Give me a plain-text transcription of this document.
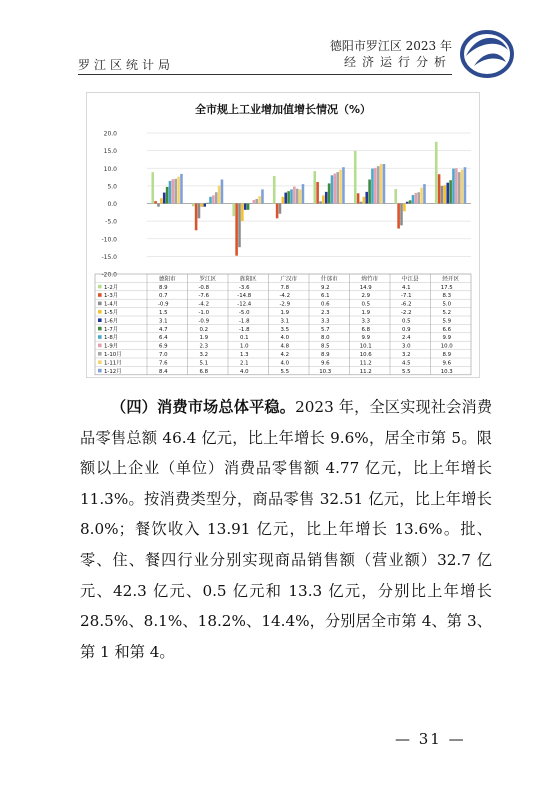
罗江区统计局
德阳市罗江区 2023 年
经济运行分析
全市规上工业增加值增长情况（%）
20.0
15.0
10.0
5.0
0.0
-5.0
-10.0
-15.0
-20.0
德阳市	罗江区	旌阳区	广汉市	什邡市	绵竹市	中江县	经开区
1-2月	8.9	-0.8	-3.6	7.8	9.2	14.9	4.1	17.5
1-3月	0.7	-7.6	-14.8	-4.2	6.1	2.9	-7.1	8.3
1-4月	-0.9	-4.2	-12.4	-2.9	0.6	0.5	-6.2	5.0
1-5月	1.5	-1.0	-5.0	1.9	2.3	1.9	-2.2	5.2
1-6月	3.1	-0.9	-1.8	3.1	3.3	3.3	0.5	5.9
1-7月	4.7	0.2	-1.8	3.5	5.7	6.8	0.9	6.6
1-8月	6.4	1.9	0.1	4.0	8.0	9.9	2.4	9.9
1-9月	6.9	2.3	1.0	4.8	8.5	10.1	3.0	10.0
1-10月	7.0	3.2	1.3	4.2	8.9	10.6	3.2	8.9
1-11月	7.6	5.1	2.1	4.0	9.6	11.2	4.5	9.6
1-12月	8.4	6.8	4.0	5.5	10.3	11.2	5.5	10.3

（四）消费市场总体平稳。2023 年，全区实现社会消费品零售总额 46.4 亿元，比上年增长 9.6%，居全市第 5。限额以上企业（单位）消费品零售额 4.77 亿元，比上年增长 11.3%。按消费类型分，商品零售 32.51 亿元，比上年增长 8.0%；餐饮收入 13.91 亿元，比上年增长 13.6%。批、零、住、餐四行业分别实现商品销售额（营业额）32.7 亿元、42.3 亿元、0.5 亿元和 13.3 亿元，分别比上年增长 28.5%、8.1%、18.2%、14.4%，分别居全市第 4、第 3、第 1 和第 4。

— 31 —
